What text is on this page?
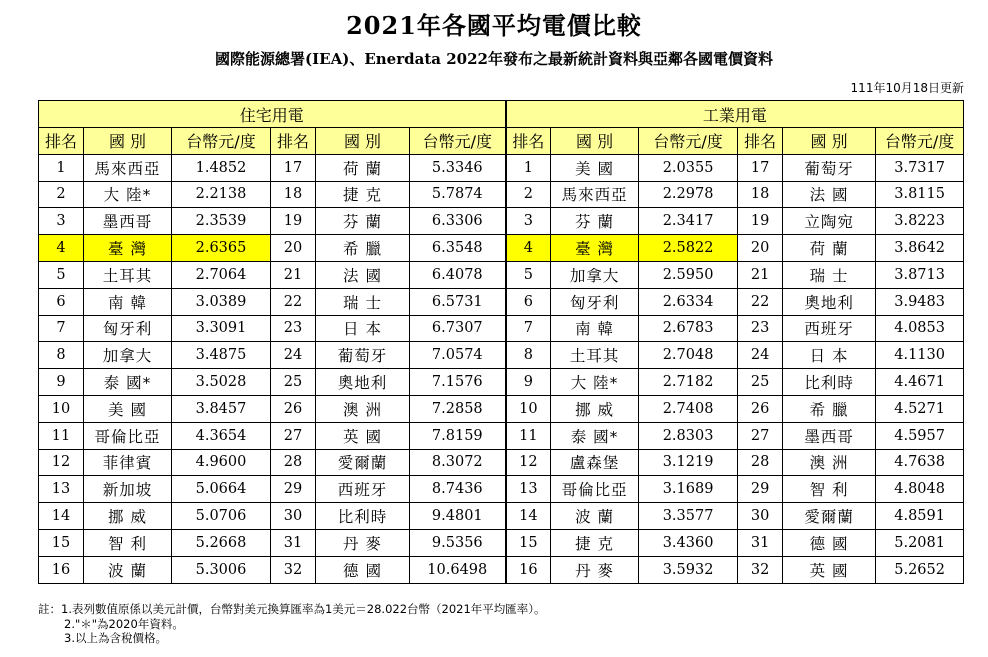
2021年各國平均電價比較
國際能源總署(IEA)、Enerdata 2022年發布之最新統計資料與亞鄰各國電價資料
111年10月18日更新
住宅用電						工業用電					
排名	國 別	台幣元/度	排名	國 別	台幣元/度	排名	國 別	台幣元/度	排名	國 別	台幣元/度
1	馬來西亞	1.4852	17	荷 蘭	5.3346	1	美 國	2.0355	17	葡萄牙	3.7317
2	大 陸*	2.2138	18	捷 克	5.7874	2	馬來西亞	2.2978	18	法 國	3.8115
3	墨西哥	2.3539	19	芬 蘭	6.3306	3	芬 蘭	2.3417	19	立陶宛	3.8223
4	臺 灣	2.6365	20	希 臘	6.3548	4	臺 灣	2.5822	20	荷 蘭	3.8642
5	土耳其	2.7064	21	法 國	6.4078	5	加拿大	2.5950	21	瑞 士	3.8713
6	南 韓	3.0389	22	瑞 士	6.5731	6	匈牙利	2.6334	22	奧地利	3.9483
7	匈牙利	3.3091	23	日 本	6.7307	7	南 韓	2.6783	23	西班牙	4.0853
8	加拿大	3.4875	24	葡萄牙	7.0574	8	土耳其	2.7048	24	日 本	4.1130
9	泰 國*	3.5028	25	奧地利	7.1576	9	大 陸*	2.7182	25	比利時	4.4671
10	美 國	3.8457	26	澳 洲	7.2858	10	挪 威	2.7408	26	希 臘	4.5271
11	哥倫比亞	4.3654	27	英 國	7.8159	11	泰 國*	2.8303	27	墨西哥	4.5957
12	菲律賓	4.9600	28	愛爾蘭	8.3072	12	盧森堡	3.1219	28	澳 洲	4.7638
13	新加坡	5.0664	29	西班牙	8.7436	13	哥倫比亞	3.1689	29	智 利	4.8048
14	挪 威	5.0706	30	比利時	9.4801	14	波 蘭	3.3577	30	愛爾蘭	4.8591
15	智 利	5.2668	31	丹 麥	9.5356	15	捷 克	3.4360	31	德 國	5.2081
16	波 蘭	5.3006	32	德 國	10.6498	16	丹 麥	3.5932	32	英 國	5.2652
註：1.表列數值原係以美元計價，台幣對美元換算匯率為1美元＝28.022台幣（2021年平均匯率）。
2."＊"為2020年資料。
3.以上為含稅價格。
